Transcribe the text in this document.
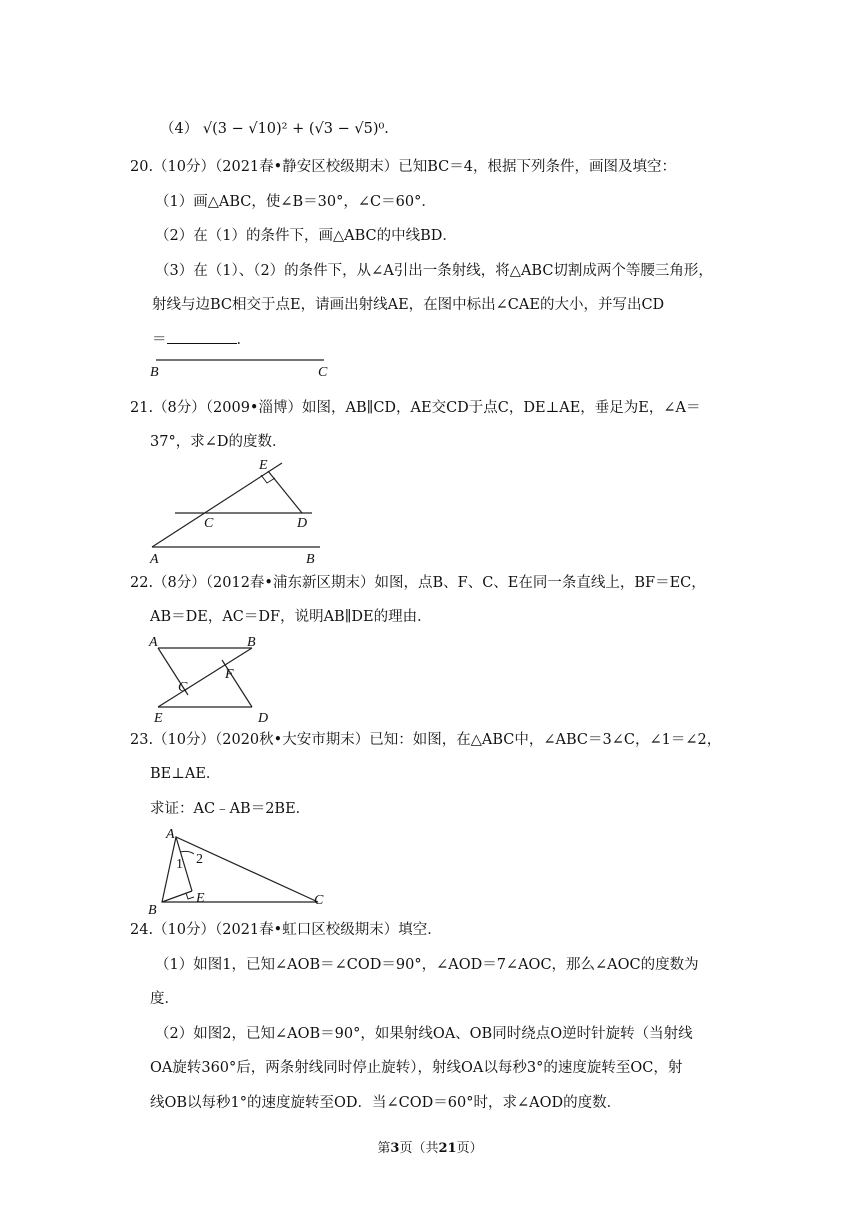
（4） √(3 − √10)² + (√3 − √5)⁰.
20.（10分）（2021春•静安区校级期末）已知BC＝4，根据下列条件，画图及填空：
（1）画△ABC，使∠B＝30°，∠C＝60°．
（2）在（1）的条件下，画△ABC的中线BD．
（3）在（1）、（2）的条件下，从∠A引出一条射线，将△ABC切割成两个等腰三角形，
射线与边BC相交于点E，请画出射线AE，在图中标出∠CAE的大小，并写出CD
＝	．
B	C
21.（8分）（2009•淄博）如图，AB∥CD，AE交CD于点C，DE⊥AE，垂足为E，∠A＝
37°，求∠D的度数．
E
C	D
A	B
22.（8分）（2012春•浦东新区期末）如图，点B、F、C、E在同一条直线上，BF＝EC，
AB＝DE，AC＝DF，说明AB∥DE的理由．
A	B
C
F
E	D
23.（10分）（2020秋•大安市期末）已知：如图，在△ABC中，∠ABC＝3∠C，∠1＝∠2，
BE⊥AE．
求证：AC﹣AB＝2BE．
A
1 2
E
B
C
24.（10分）（2021春•虹口区校级期末）填空．
（1）如图1，已知∠AOB＝∠COD＝90°，∠AOD＝7∠AOC，那么∠AOC的度数为
度．
（2）如图2，已知∠AOB＝90°，如果射线OA、OB同时绕点O逆时针旋转（当射线
OA旋转360°后，两条射线同时停止旋转），射线OA以每秒3°的速度旋转至OC，射
线OB以每秒1°的速度旋转至OD．当∠COD＝60°时，求∠AOD的度数．
第3页（共21页）
